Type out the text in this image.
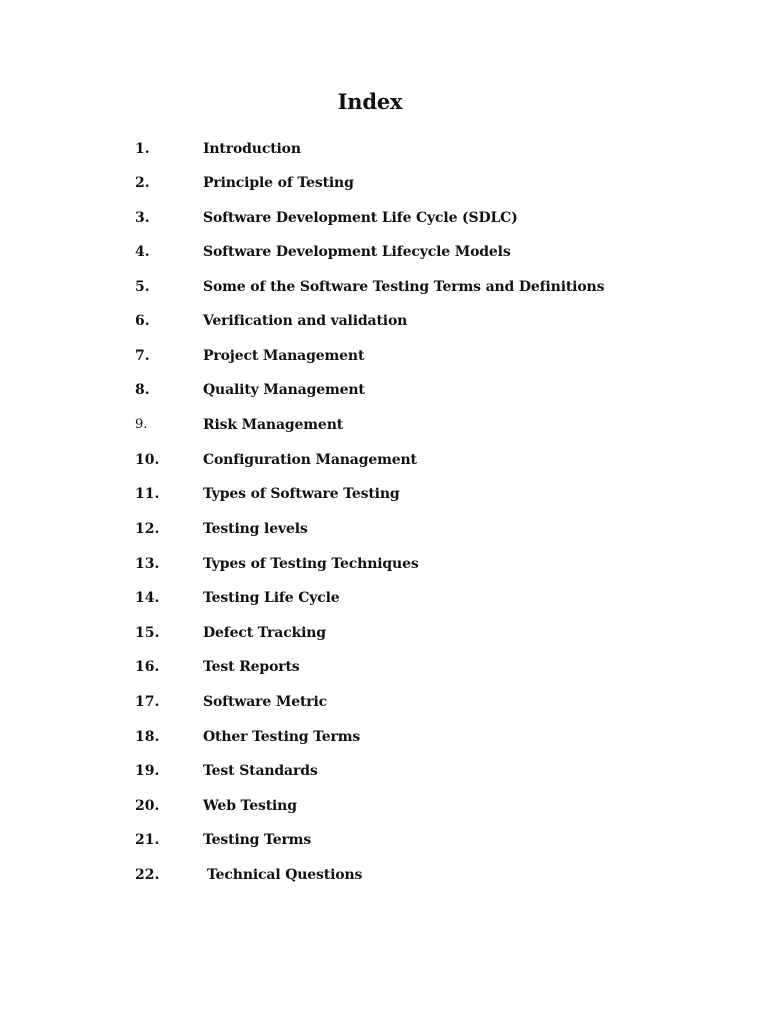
Index
1.	Introduction
2.	Principle of Testing
3.	Software Development Life Cycle (SDLC)
4.	Software Development Lifecycle Models
5.	Some of the Software Testing Terms and Definitions
6.	Verification and validation
7.	Project Management
8.	Quality Management
9.	Risk Management
10.	Configuration Management
11.	Types of Software Testing
12.	Testing levels
13.	Types of Testing Techniques
14.	Testing Life Cycle
15.	Defect Tracking
16.	Test Reports
17.	Software Metric
18.	Other Testing Terms
19.	Test Standards
20.	Web Testing
21.	Testing Terms
22.	Technical Questions
